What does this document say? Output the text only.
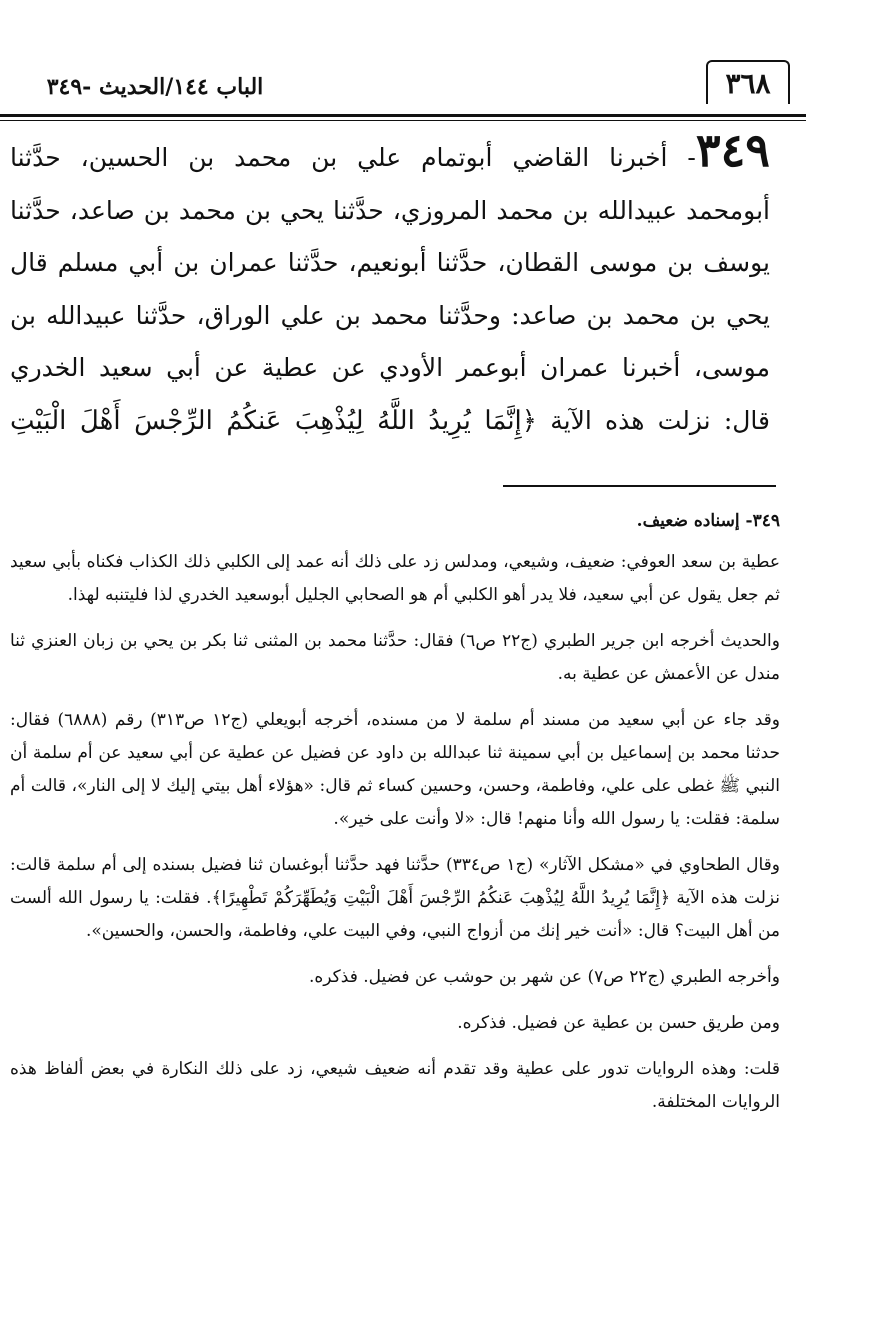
٣٦٨
الباب ١٤٤/الحديث -٣٤٩
٣٤٩- أخبرنا القاضي أبوتمام علي بن محمد بن الحسين، حدَّثنا
أبومحمد عبيدالله بن محمد المروزي، حدَّثنا يحي بن محمد بن صاعد، حدَّثنا
يوسف بن موسى القطان، حدَّثنا أبونعيم، حدَّثنا عمران بن أبي مسلم قال
يحي بن محمد بن صاعد: وحدَّثنا محمد بن علي الوراق، حدَّثنا عبيدالله بن
موسى، أخبرنا عمران أبوعمر الأودي عن عطية عن أبي سعيد الخدري
قال: نزلت هذه الآية ﴿إِنَّمَا يُرِيدُ اللَّهُ لِيُذْهِبَ عَنكُمُ الرِّجْسَ أَهْلَ الْبَيْتِ
٣٤٩- إسناده ضعيف.

عطية بن سعد العوفي: ضعيف، وشيعي، ومدلس زد على ذلك أنه عمد إلى الكلبي ذلك الكذاب فكناه بأبي سعيد ثم جعل يقول عن أبي سعيد، فلا يدر أهو الكلبي أم هو الصحابي الجليل أبوسعيد الخدري لذا فليتنبه لهذا.

والحديث أخرجه ابن جرير الطبري (ج٢٢ ص٦) فقال: حدَّثنا محمد بن المثنى ثنا بكر بن يحي بن زبان العنزي ثنا مندل عن الأعمش عن عطية به.

وقد جاء عن أبي سعيد من مسند أم سلمة لا من مسنده، أخرجه أبويعلي (ج١٢ ص٣١٣) رقم (٦٨٨٨) فقال: حدثنا محمد بن إسماعيل بن أبي سمينة ثنا عبدالله بن داود عن فضيل عن عطية عن أبي سعيد عن أم سلمة أن النبي ﷺ غطى على علي، وفاطمة، وحسن، وحسين كساء ثم قال: «هؤلاء أهل بيتي إليك لا إلى النار»، قالت أم سلمة: فقلت: يا رسول الله وأنا منهم! قال: «لا وأنت على خير».

وقال الطحاوي في «مشكل الآثار» (ج١ ص٣٣٤) حدَّثنا فهد حدَّثنا أبوغسان ثنا فضيل بسنده إلى أم سلمة قالت: نزلت هذه الآية ﴿إِنَّمَا يُرِيدُ اللَّهُ لِيُذْهِبَ عَنكُمُ الرِّجْسَ أَهْلَ الْبَيْتِ وَيُطَهِّرَكُمْ تَطْهِيرًا﴾. فقلت: يا رسول الله ألست من أهل البيت؟ قال: «أنت خير إنك من أزواج النبي، وفي البيت علي، وفاطمة، والحسن، والحسين».

وأخرجه الطبري (ج٢٢ ص٧) عن شهر بن حوشب عن فضيل. فذكره.

ومن طريق حسن بن عطية عن فضيل. فذكره.

قلت: وهذه الروايات تدور على عطية وقد تقدم أنه ضعيف شيعي، زد على ذلك النكارة في بعض ألفاظ هذه الروايات المختلفة.
